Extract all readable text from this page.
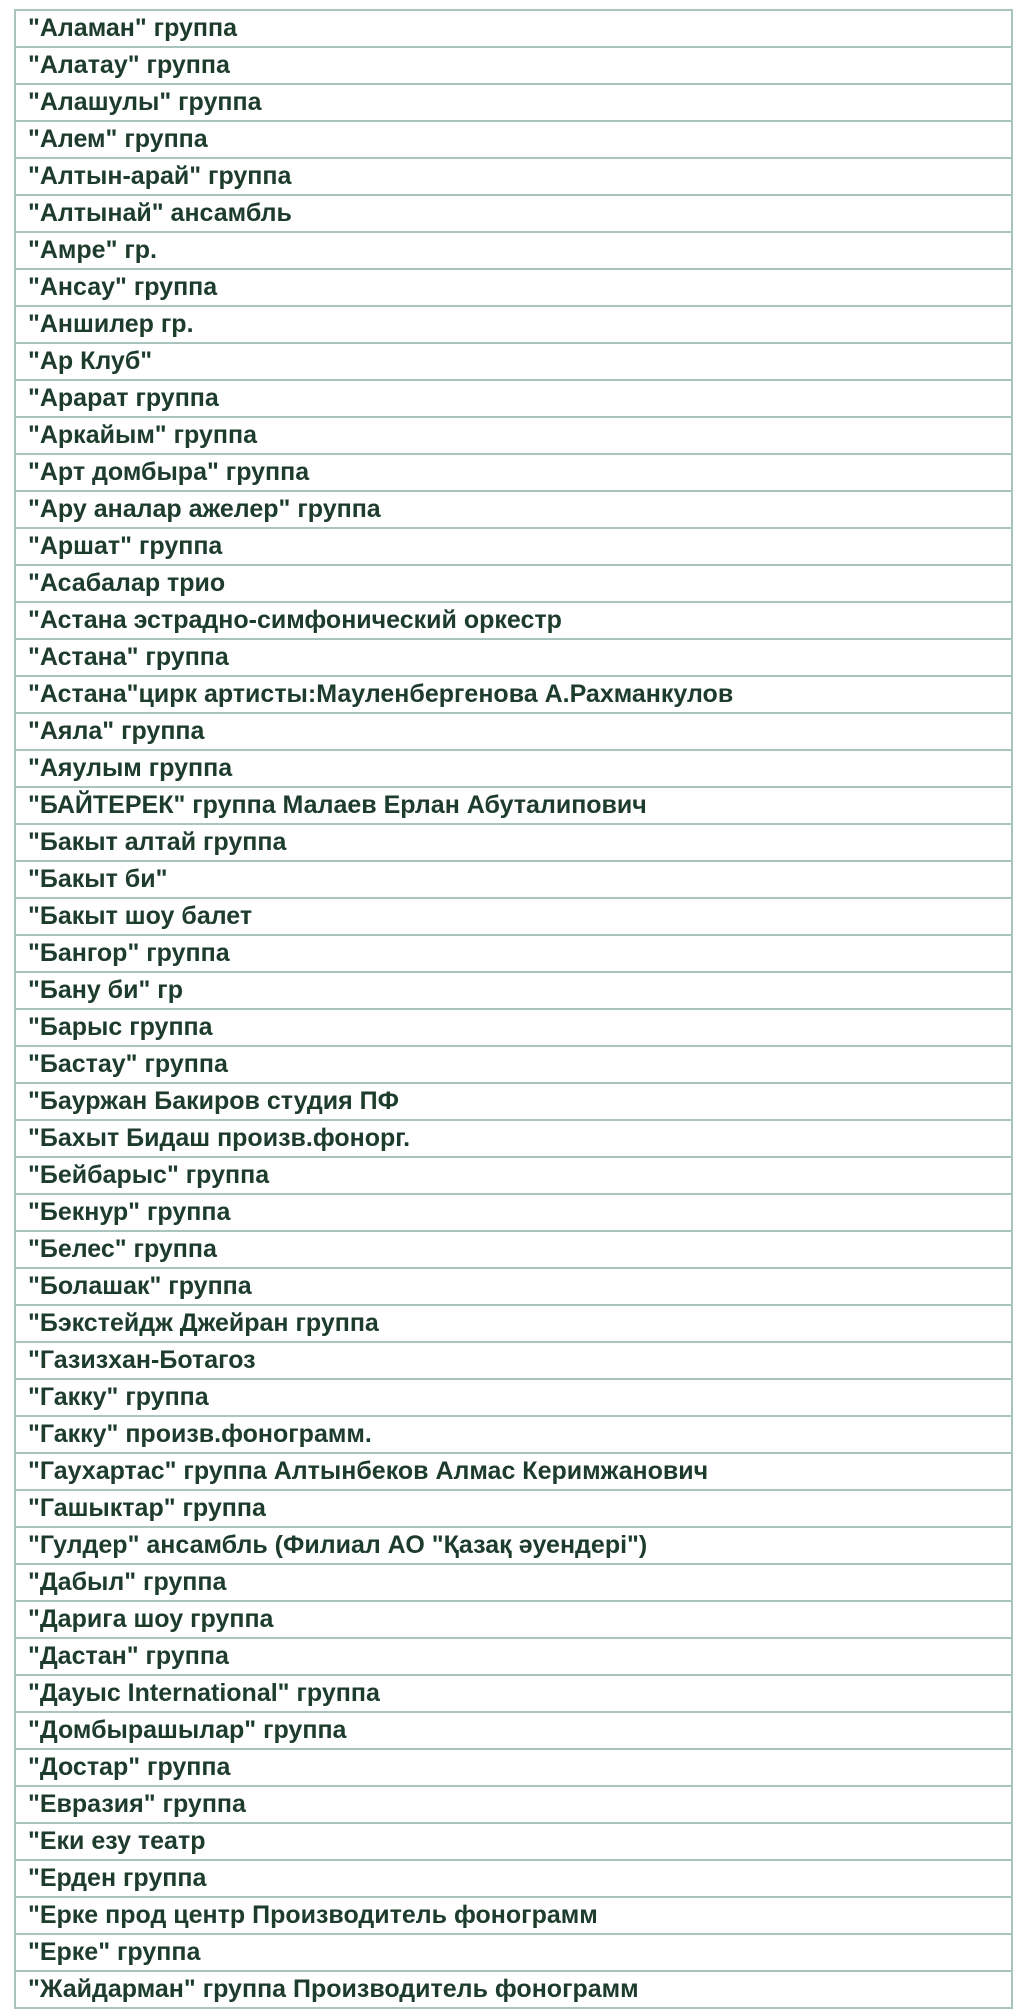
"Аламан" группа
"Алатау" группа
"Алашулы" группа
"Алем" группа
"Алтын-арай" группа
"Алтынай" ансамбль
"Амре" гр.
"Ансау" группа
"Аншилер гр.
"Ар Клуб"
"Арарат группа
"Аркайым" группа
"Арт домбыра" группа
"Ару аналар ажелер" группа
"Аршат" группа
"Асабалар трио
"Астана эстрадно-симфонический оркестр
"Астана" группа
"Астана"цирк артисты:Мауленбергенова А.Рахманкулов
"Аяла" группа
"Аяулым группа
"БАЙТЕРЕК" группа Малаев Ерлан Абуталипович
"Бакыт алтай группа
"Бакыт би"
"Бакыт шоу балет
"Бангор" группа
"Бану би" гр
"Барыс группа
"Бастау" группа
"Бауржан Бакиров студия ПФ
"Бахыт Бидаш произв.фонорг.
"Бейбарыс" группа
"Бекнур" группа
"Белес" группа
"Болашак" группа
"Бэкстейдж Джейран группа
"Газизхан-Ботагоз
"Гакку" группа
"Гакку" произв.фонограмм.
"Гаухартас" группа Алтынбеков Алмас Керимжанович
"Гашыктар" группа
"Гулдер" ансамбль (Филиал АО "Қазақ әуендері")
"Дабыл" группа
"Дарига шоу группа
"Дастан" группа
"Дауыс International" группа
"Домбырашылар" группа
"Достар" группа
"Евразия" группа
"Еки езу театр
"Ерден группа
"Ерке прод центр Производитель фонограмм
"Ерке" группа
"Жайдарман" группа Производитель фонограмм
